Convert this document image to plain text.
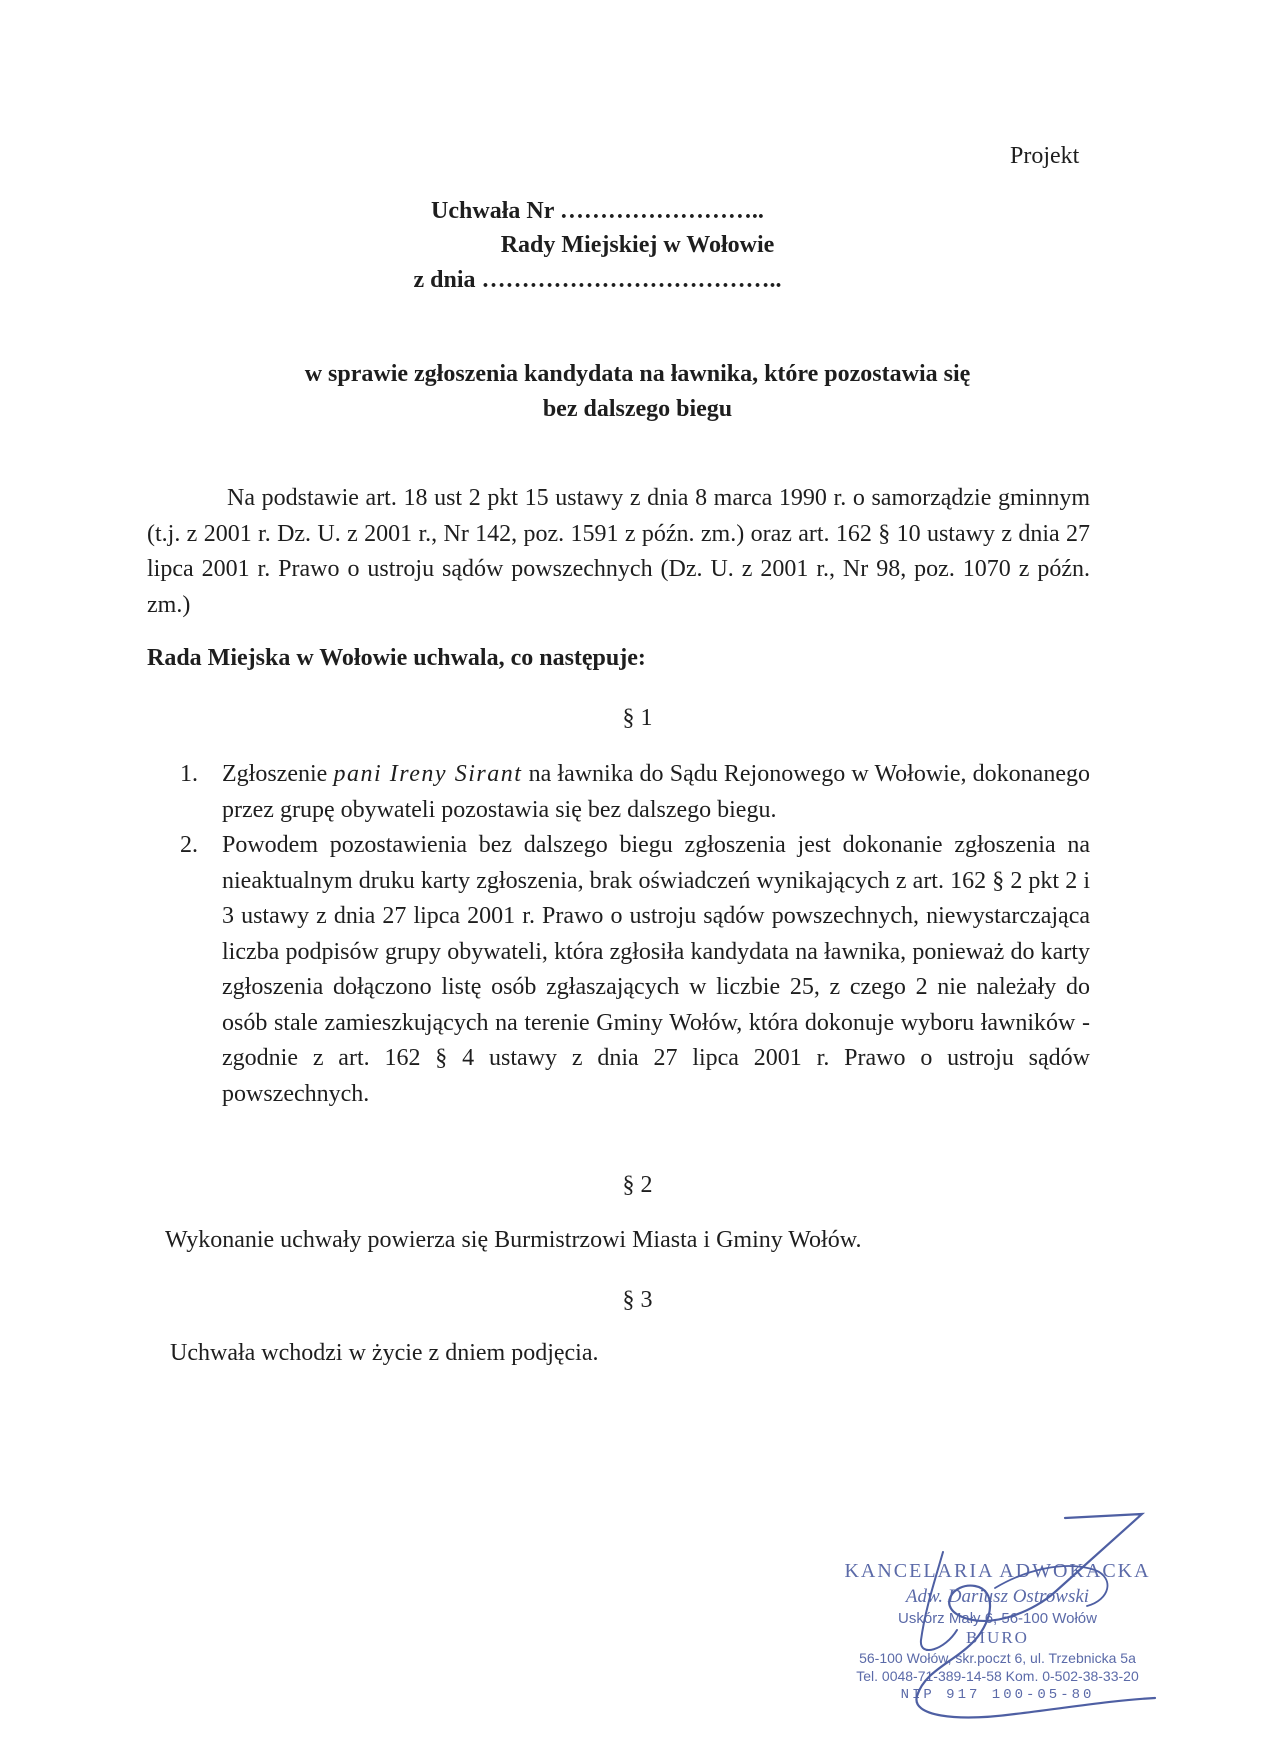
Projekt
Uchwała Nr ……………………..
Rady Miejskiej w Wołowie
z dnia ………………………………..
w sprawie zgłoszenia kandydata na ławnika, które pozostawia się
bez dalszego biegu
Na podstawie art. 18 ust 2 pkt 15 ustawy z dnia 8 marca 1990 r. o samorządzie gminnym (t.j. z 2001 r. Dz. U. z 2001 r., Nr 142, poz. 1591 z późn. zm.) oraz art. 162 § 10 ustawy z dnia 27 lipca 2001 r. Prawo o ustroju sądów powszechnych (Dz. U. z 2001 r., Nr 98, poz. 1070 z późn. zm.)
Rada Miejska w Wołowie uchwala, co następuje:
§ 1
1. Zgłoszenie pani Ireny Sirant na ławnika do Sądu Rejonowego w Wołowie, dokonanego przez grupę obywateli pozostawia się bez dalszego biegu.
2. Powodem pozostawienia bez dalszego biegu zgłoszenia jest dokonanie zgłoszenia na nieaktualnym druku karty zgłoszenia, brak oświadczeń wynikających z art. 162 § 2 pkt 2 i 3 ustawy z dnia 27 lipca 2001 r. Prawo o ustroju sądów powszechnych, niewystarczająca liczba podpisów grupy obywateli, która zgłosiła kandydata na ławnika, ponieważ do karty zgłoszenia dołączono listę osób zgłaszających w liczbie 25, z czego 2 nie należały do osób stale zamieszkujących na terenie Gminy Wołów, która dokonuje wyboru ławników - zgodnie z art. 162 § 4 ustawy z dnia 27 lipca 2001 r. Prawo o ustroju sądów powszechnych.
§ 2
Wykonanie uchwały powierza się Burmistrzowi Miasta i Gminy Wołów.
§ 3
Uchwała wchodzi w życie z dniem podjęcia.
KANCELARIA ADWOKACKA
Adw. Dariusz Ostrowski
Uskórz Mały 6, 56-100 Wołów
BIURO
56-100 Wołów, skr.poczt 6, ul. Trzebnicka 5a
Tel. 0048-71-389-14-58 Kom. 0-502-38-33-20
NIP 917 100-05-80
